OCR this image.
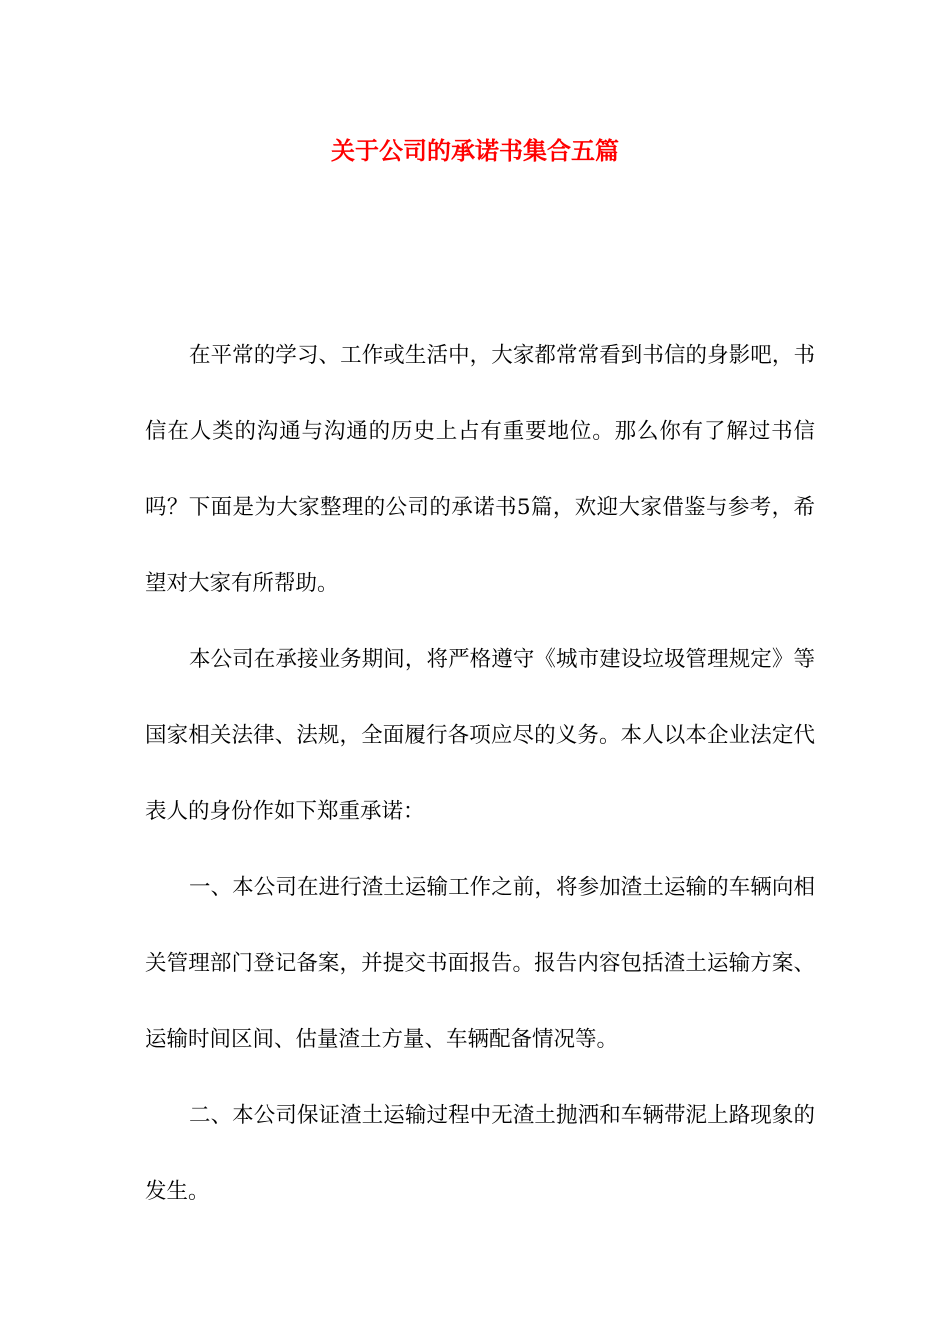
关于公司的承诺书集合五篇

在平常的学习、工作或生活中，大家都常常看到书信的身影吧，书信在人类的沟通与沟通的历史上占有重要地位。那么你有了解过书信吗？下面是为大家整理的公司的承诺书5篇，欢迎大家借鉴与参考，希望对大家有所帮助。

本公司在承接业务期间，将严格遵守《城市建设垃圾管理规定》等国家相关法律、法规，全面履行各项应尽的义务。本人以本企业法定代表人的身份作如下郑重承诺：

一、本公司在进行渣土运输工作之前，将参加渣土运输的车辆向相关管理部门登记备案，并提交书面报告。报告内容包括渣土运输方案、运输时间区间、估量渣土方量、车辆配备情况等。

二、本公司保证渣土运输过程中无渣土抛洒和车辆带泥上路现象的发生。
